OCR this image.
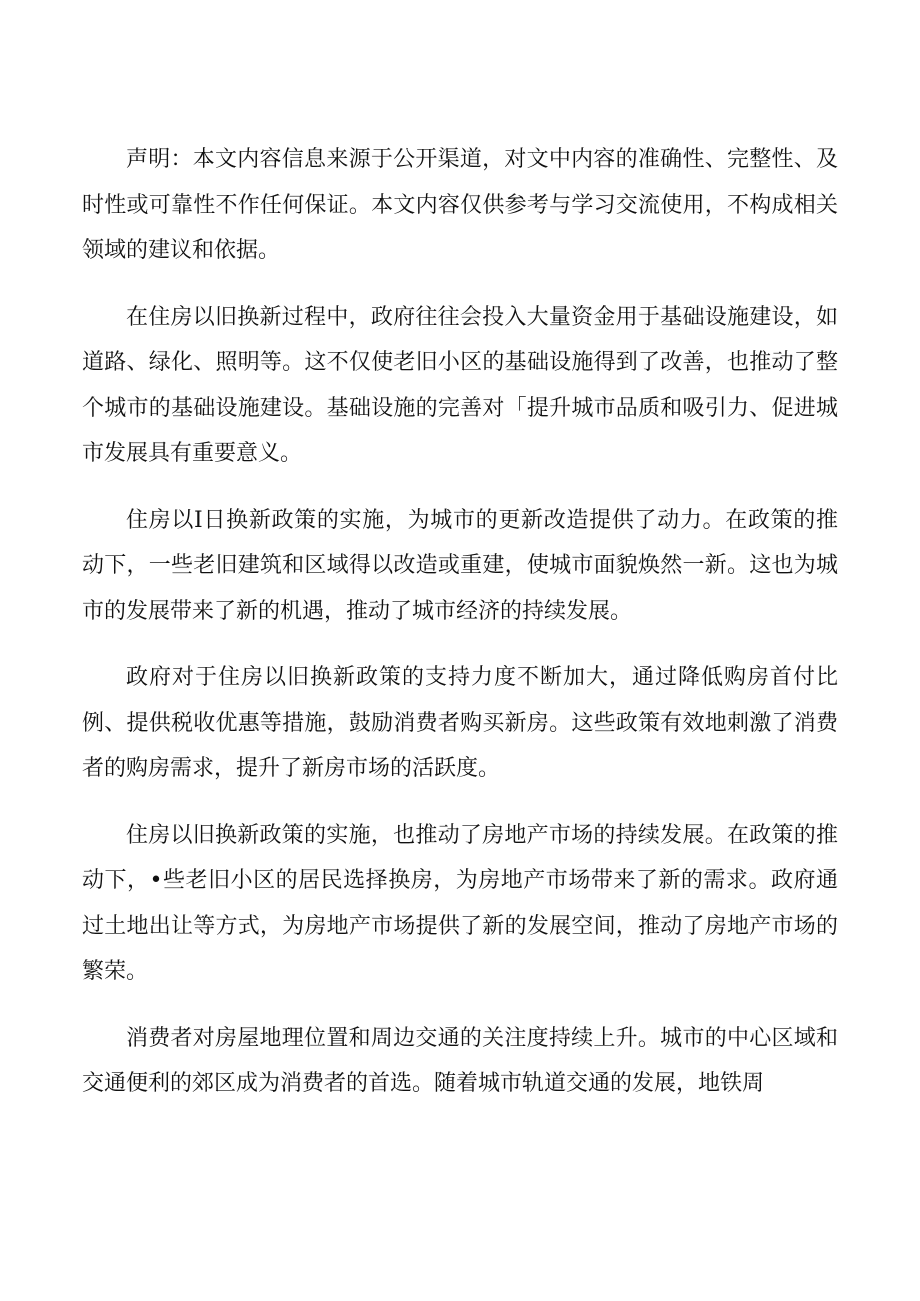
声明：本文内容信息来源于公开渠道，对文中内容的准确性、完整性、及时性或可靠性不作任何保证。本文内容仅供参考与学习交流使用，不构成相关领域的建议和依据。

在住房以旧换新过程中，政府往往会投入大量资金用于基础设施建设，如道路、绿化、照明等。这不仅使老旧小区的基础设施得到了改善，也推动了整个城市的基础设施建设。基础设施的完善对「提升城市品质和吸引力、促进城市发展具有重要意义。

住房以I日换新政策的实施，为城市的更新改造提供了动力。在政策的推动下，一些老旧建筑和区域得以改造或重建，使城市面貌焕然一新。这也为城市的发展带来了新的机遇，推动了城市经济的持续发展。

政府对于住房以旧换新政策的支持力度不断加大，通过降低购房首付比例、提供税收优惠等措施，鼓励消费者购买新房。这些政策有效地刺激了消费者的购房需求，提升了新房市场的活跃度。

住房以旧换新政策的实施，也推动了房地产市场的持续发展。在政策的推动下，•些老旧小区的居民选择换房，为房地产市场带来了新的需求。政府通过土地出让等方式，为房地产市场提供了新的发展空间，推动了房地产市场的繁荣。

消费者对房屋地理位置和周边交通的关注度持续上升。城市的中心区域和交通便利的郊区成为消费者的首选。随着城市轨道交通的发展，地铁周
